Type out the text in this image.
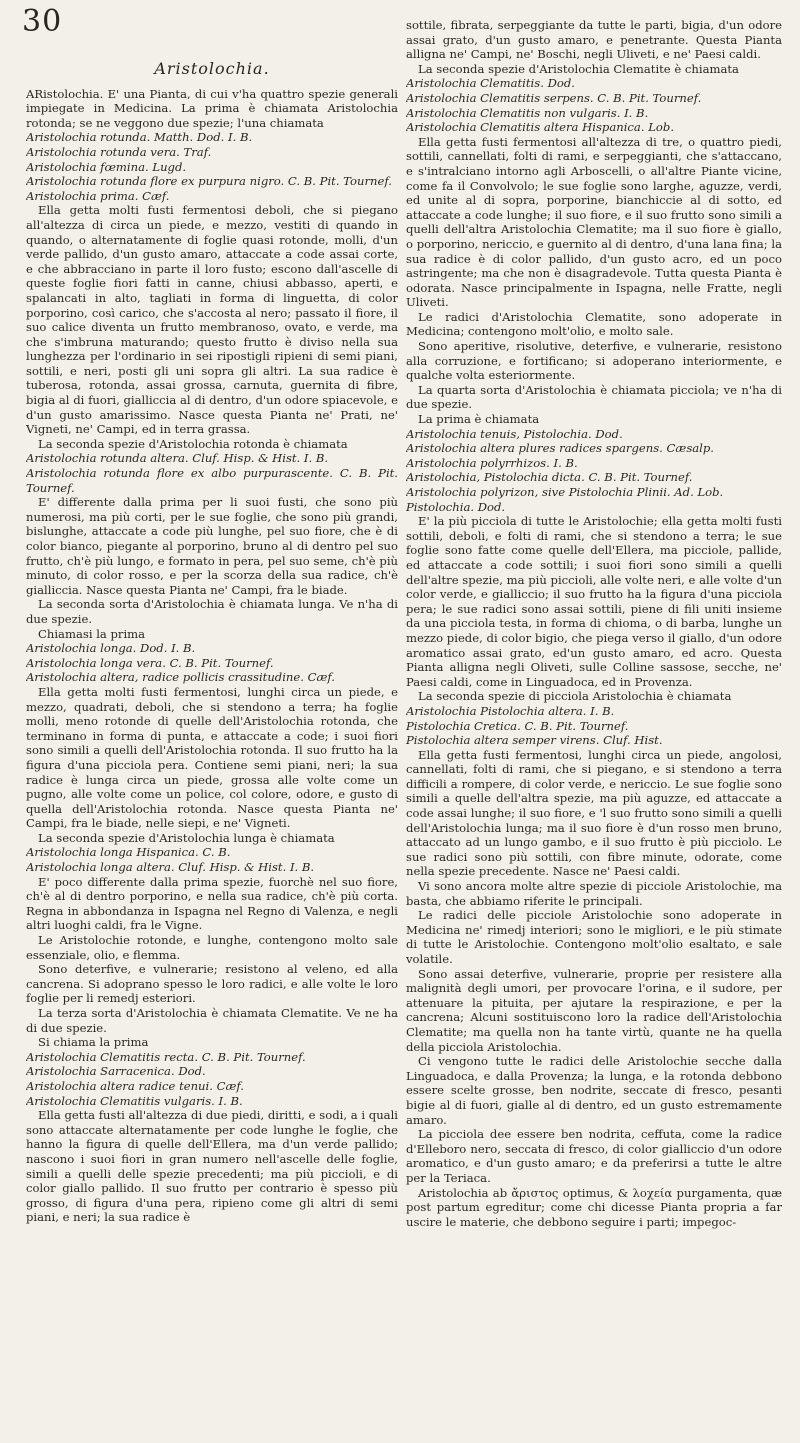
30
Aristolochia.

ARistolochia. E' una Pianta, di cui v'ha quattro spezie generali impiegate in Medicina. La prima è chiamata Aristolochia rotonda; se ne veggono due spezie; l'una chiamata

Aristolochia rotunda. Matth. Dod. I. B.

Aristolochia rotunda vera. Traf.

Aristolochia fœmina. Lugd.

Aristolochia rotunda flore ex purpura nigro. C. B. Pit. Tournef.

Aristolochia prima. Cæf.

Ella getta molti fusti fermentosi deboli, che si piegano all'altezza di circa un piede, e mezzo, vestiti di quando in quando, o alternatamente di foglie quasi rotonde, molli, d'un verde pallido, d'un gusto amaro, attaccate a code assai corte, e che abbracciano in parte il loro fusto; escono dall'ascelle di queste foglie fiori fatti in canne, chiusi abbasso, aperti, e spalancati in alto, tagliati in forma di linguetta, di color porporino, così carico, che s'accosta al nero; passato il fiore, il suo calice diventa un frutto membranoso, ovato, e verde, ma che s'imbruna maturando; questo frutto è diviso nella sua lunghezza per l'ordinario in sei ripostigli ripieni di semi piani, sottili, e neri, posti gli uni sopra gli altri. La sua radice è tuberosa, rotonda, assai grossa, carnuta, guernita di fibre, bigia al di fuori, gialliccia al di dentro, d'un odore spiacevole, e d'un gusto amarissimo. Nasce questa Pianta ne' Prati, ne' Vigneti, ne' Campi, ed in terra grassa.

La seconda spezie d'Aristolochia rotonda è chiamata

Aristolochia rotunda altera. Cluf. Hisp. & Hist. I. B.

Aristolochia rotunda flore ex albo purpurascente. C. B. Pit. Tournef.

E' differente dalla prima per li suoi fusti, che sono più numerosi, ma più corti, per le sue foglie, che sono più grandi, bislunghe, attaccate a code più lunghe, pel suo fiore, che è di color bianco, piegante al porporino, bruno al di dentro pel suo frutto, ch'è più lungo, e formato in pera, pel suo seme, ch'è più minuto, di color rosso, e per la scorza della sua radice, ch'è gialliccia. Nasce questa Pianta ne' Campi, fra le biade.

La seconda sorta d'Aristolochia è chiamata lunga. Ve n'ha di due spezie.

Chiamasi la prima

Aristolochia longa. Dod. I. B.

Aristolochia longa vera. C. B. Pit. Tournef.

Aristolochia altera, radice pollicis crassitudine. Cæf.

Ella getta molti fusti fermentosi, lunghi circa un piede, e mezzo, quadrati, deboli, che si stendono a terra; ha foglie molli, meno rotonde di quelle dell'Aristolochia rotonda, che terminano in forma di punta, e attaccate a code; i suoi fiori sono simili a quelli dell'Aristolochia rotonda. Il suo frutto ha la figura d'una picciola pera. Contiene semi piani, neri; la sua radice è lunga circa un piede, grossa alle volte come un pugno, alle volte come un police, col colore, odore, e gusto di quella dell'Aristolochia rotonda. Nasce questa Pianta ne' Campi, fra le biade, nelle siepi, e ne' Vigneti.

La seconda spezie d'Aristolochia lunga è chiamata

Aristolochia longa Hispanica. C. B.

Aristolochia longa altera. Cluf. Hisp. & Hist. I. B.

E' poco differente dalla prima spezie, fuorchè nel suo fiore, ch'è al di dentro porporino, e nella sua radice, ch'è più corta. Regna in abbondanza in Ispagna nel Regno di Valenza, e negli altri luoghi caldi, fra le Vigne.

Le Aristolochie rotonde, e lunghe, contengono molto sale essenziale, olio, e flemma.

Sono deterfive, e vulnerarie; resistono al veleno, ed alla cancrena. Si adoprano spesso le loro radici, e alle volte le loro foglie per li remedj esteriori.

La terza sorta d'Aristolochia è chiamata Clematite. Ve ne ha di due spezie.

Si chiama la prima

Aristolochia Clematitis recta. C. B. Pit. Tournef.

Aristolochia Sarracenica. Dod.

Aristolochia altera radice tenui. Cæf.

Aristolochia Clematitis vulgaris. I. B.

Ella getta fusti all'altezza di due piedi, diritti, e sodi, a i quali sono attaccate alternatamente per code lunghe le foglie, che hanno la figura di quelle dell'Ellera, ma d'un verde pallido; nascono i suoi fiori in gran numero nell'ascelle delle foglie, simili a quelli delle spezie precedenti; ma più piccioli, e di color giallo pallido. Il suo frutto per contrario è spesso più grosso, di figura d'una pera, ripieno come gli altri di semi piani, e neri; la sua radice è

sottile, fibrata, serpeggiante da tutte le parti, bigia, d'un odore assai grato, d'un gusto amaro, e penetrante. Questa Pianta alligna ne' Campi, ne' Boschi, negli Uliveti, e ne' Paesi caldi.

La seconda spezie d'Aristolochia Clematite è chiamata

Aristolochia Clematitis. Dod.

Aristolochia Clematitis serpens. C. B. Pit. Tournef.

Aristolochia Clematitis non vulgaris. I. B.

Aristolochia Clematitis altera Hispanica. Lob.

Ella getta fusti fermentosi all'altezza di tre, o quattro piedi, sottili, cannellati, folti di rami, e serpeggianti, che s'attaccano, e s'intralciano intorno agli Arboscelli, o all'altre Piante vicine, come fa il Convolvolo; le sue foglie sono larghe, aguzze, verdi, ed unite al di sopra, porporine, bianchiccie al di sotto, ed attaccate a code lunghe; il suo fiore, e il suo frutto sono simili a quelli dell'altra Aristolochia Clematite; ma il suo fiore è giallo, o porporino, nericcio, e guernito al di dentro, d'una lana fina; la sua radice è di color pallido, d'un gusto acro, ed un poco astringente; ma che non è disagradevole. Tutta questa Pianta è odorata. Nasce principalmente in Ispagna, nelle Fratte, negli Uliveti.

Le radici d'Aristolochia Clematite, sono adoperate in Medicina; contengono molt'olio, e molto sale.

Sono aperitive, risolutive, deterfive, e vulnerarie, resistono alla corruzione, e fortificano; si adoperano interiormente, e qualche volta esteriormente.

La quarta sorta d'Aristolochia è chiamata picciola; ve n'ha di due spezie.

La prima è chiamata

Aristolochia tenuis, Pistolochia. Dod.

Aristolochia altera plures radices spargens. Cæsalp.

Aristolochia polyrrhizos. I. B.

Aristolochia, Pistolochia dicta. C. B. Pit. Tournef.

Aristolochia polyrizon, sive Pistolochia Plinii. Ad. Lob.

Pistolochia. Dod.

E' la più picciola di tutte le Aristolochie; ella getta molti fusti sottili, deboli, e folti di rami, che si stendono a terra; le sue foglie sono fatte come quelle dell'Ellera, ma picciole, pallide, ed attaccate a code sottili; i suoi fiori sono simili a quelli dell'altre spezie, ma più piccioli, alle volte neri, e alle volte d'un color verde, e gialliccio; il suo frutto ha la figura d'una picciola pera; le sue radici sono assai sottili, piene di fili uniti insieme da una picciola testa, in forma di chioma, o di barba, lunghe un mezzo piede, di color bigio, che piega verso il giallo, d'un odore aromatico assai grato, ed'un gusto amaro, ed acro. Questa Pianta alligna negli Oliveti, sulle Colline sassose, secche, ne' Paesi caldi, come in Linguadoca, ed in Provenza.

La seconda spezie di picciola Aristolochia è chiamata

Aristolochia Pistolochia altera. I. B.

Pistolochia Cretica. C. B. Pit. Tournef.

Pistolochia altera semper virens. Cluf. Hist.

Ella getta fusti fermentosi, lunghi circa un piede, angolosi, cannellati, folti di rami, che si piegano, e si stendono a terra difficili a rompere, di color verde, e nericcio. Le sue foglie sono simili a quelle dell'altra spezie, ma più aguzze, ed attaccate a code assai lunghe; il suo fiore, e 'l suo frutto sono simili a quelli dell'Aristolochia lunga; ma il suo fiore è d'un rosso men bruno, attaccato ad un lungo gambo, e il suo frutto è più picciolo. Le sue radici sono più sottili, con fibre minute, odorate, come nella spezie precedente. Nasce ne' Paesi caldi.

Vi sono ancora molte altre spezie di picciole Aristolochie, ma basta, che abbiamo riferite le principali.

Le radici delle picciole Aristolochie sono adoperate in Medicina ne' rimedj interiori; sono le migliori, e le più stimate di tutte le Aristolochie. Contengono molt'olio esaltato, e sale volatile.

Sono assai deterfive, vulnerarie, proprie per resistere alla malignità degli umori, per provocare l'orina, e il sudore, per attenuare la pituita, per ajutare la respirazione, e per la cancrena; Alcuni sostituiscono loro la radice dell'Aristolochia Clematite; ma quella non ha tante virtù, quante ne ha quella della picciola Aristolochia.

Ci vengono tutte le radici delle Aristolochie secche dalla Linguadoca, e dalla Provenza; la lunga, e la rotonda debbono essere scelte grosse, ben nodrite, seccate di fresco, pesanti bigie al di fuori, gialle al di dentro, ed un gusto estremamente amaro.

La picciola dee essere ben nodrita, ceffuta, come la radice d'Elleboro nero, seccata di fresco, di color gialliccio d'un odore aromatico, e d'un gusto amaro; e da preferirsi a tutte le altre per la Teriaca.

Aristolochia ab ἄριστος optimus, & λοχεία purgamenta, quæ post partum egreditur; come chi dicesse Pianta propria a far uscire le materie, che debbono seguire i parti; impegoc-
